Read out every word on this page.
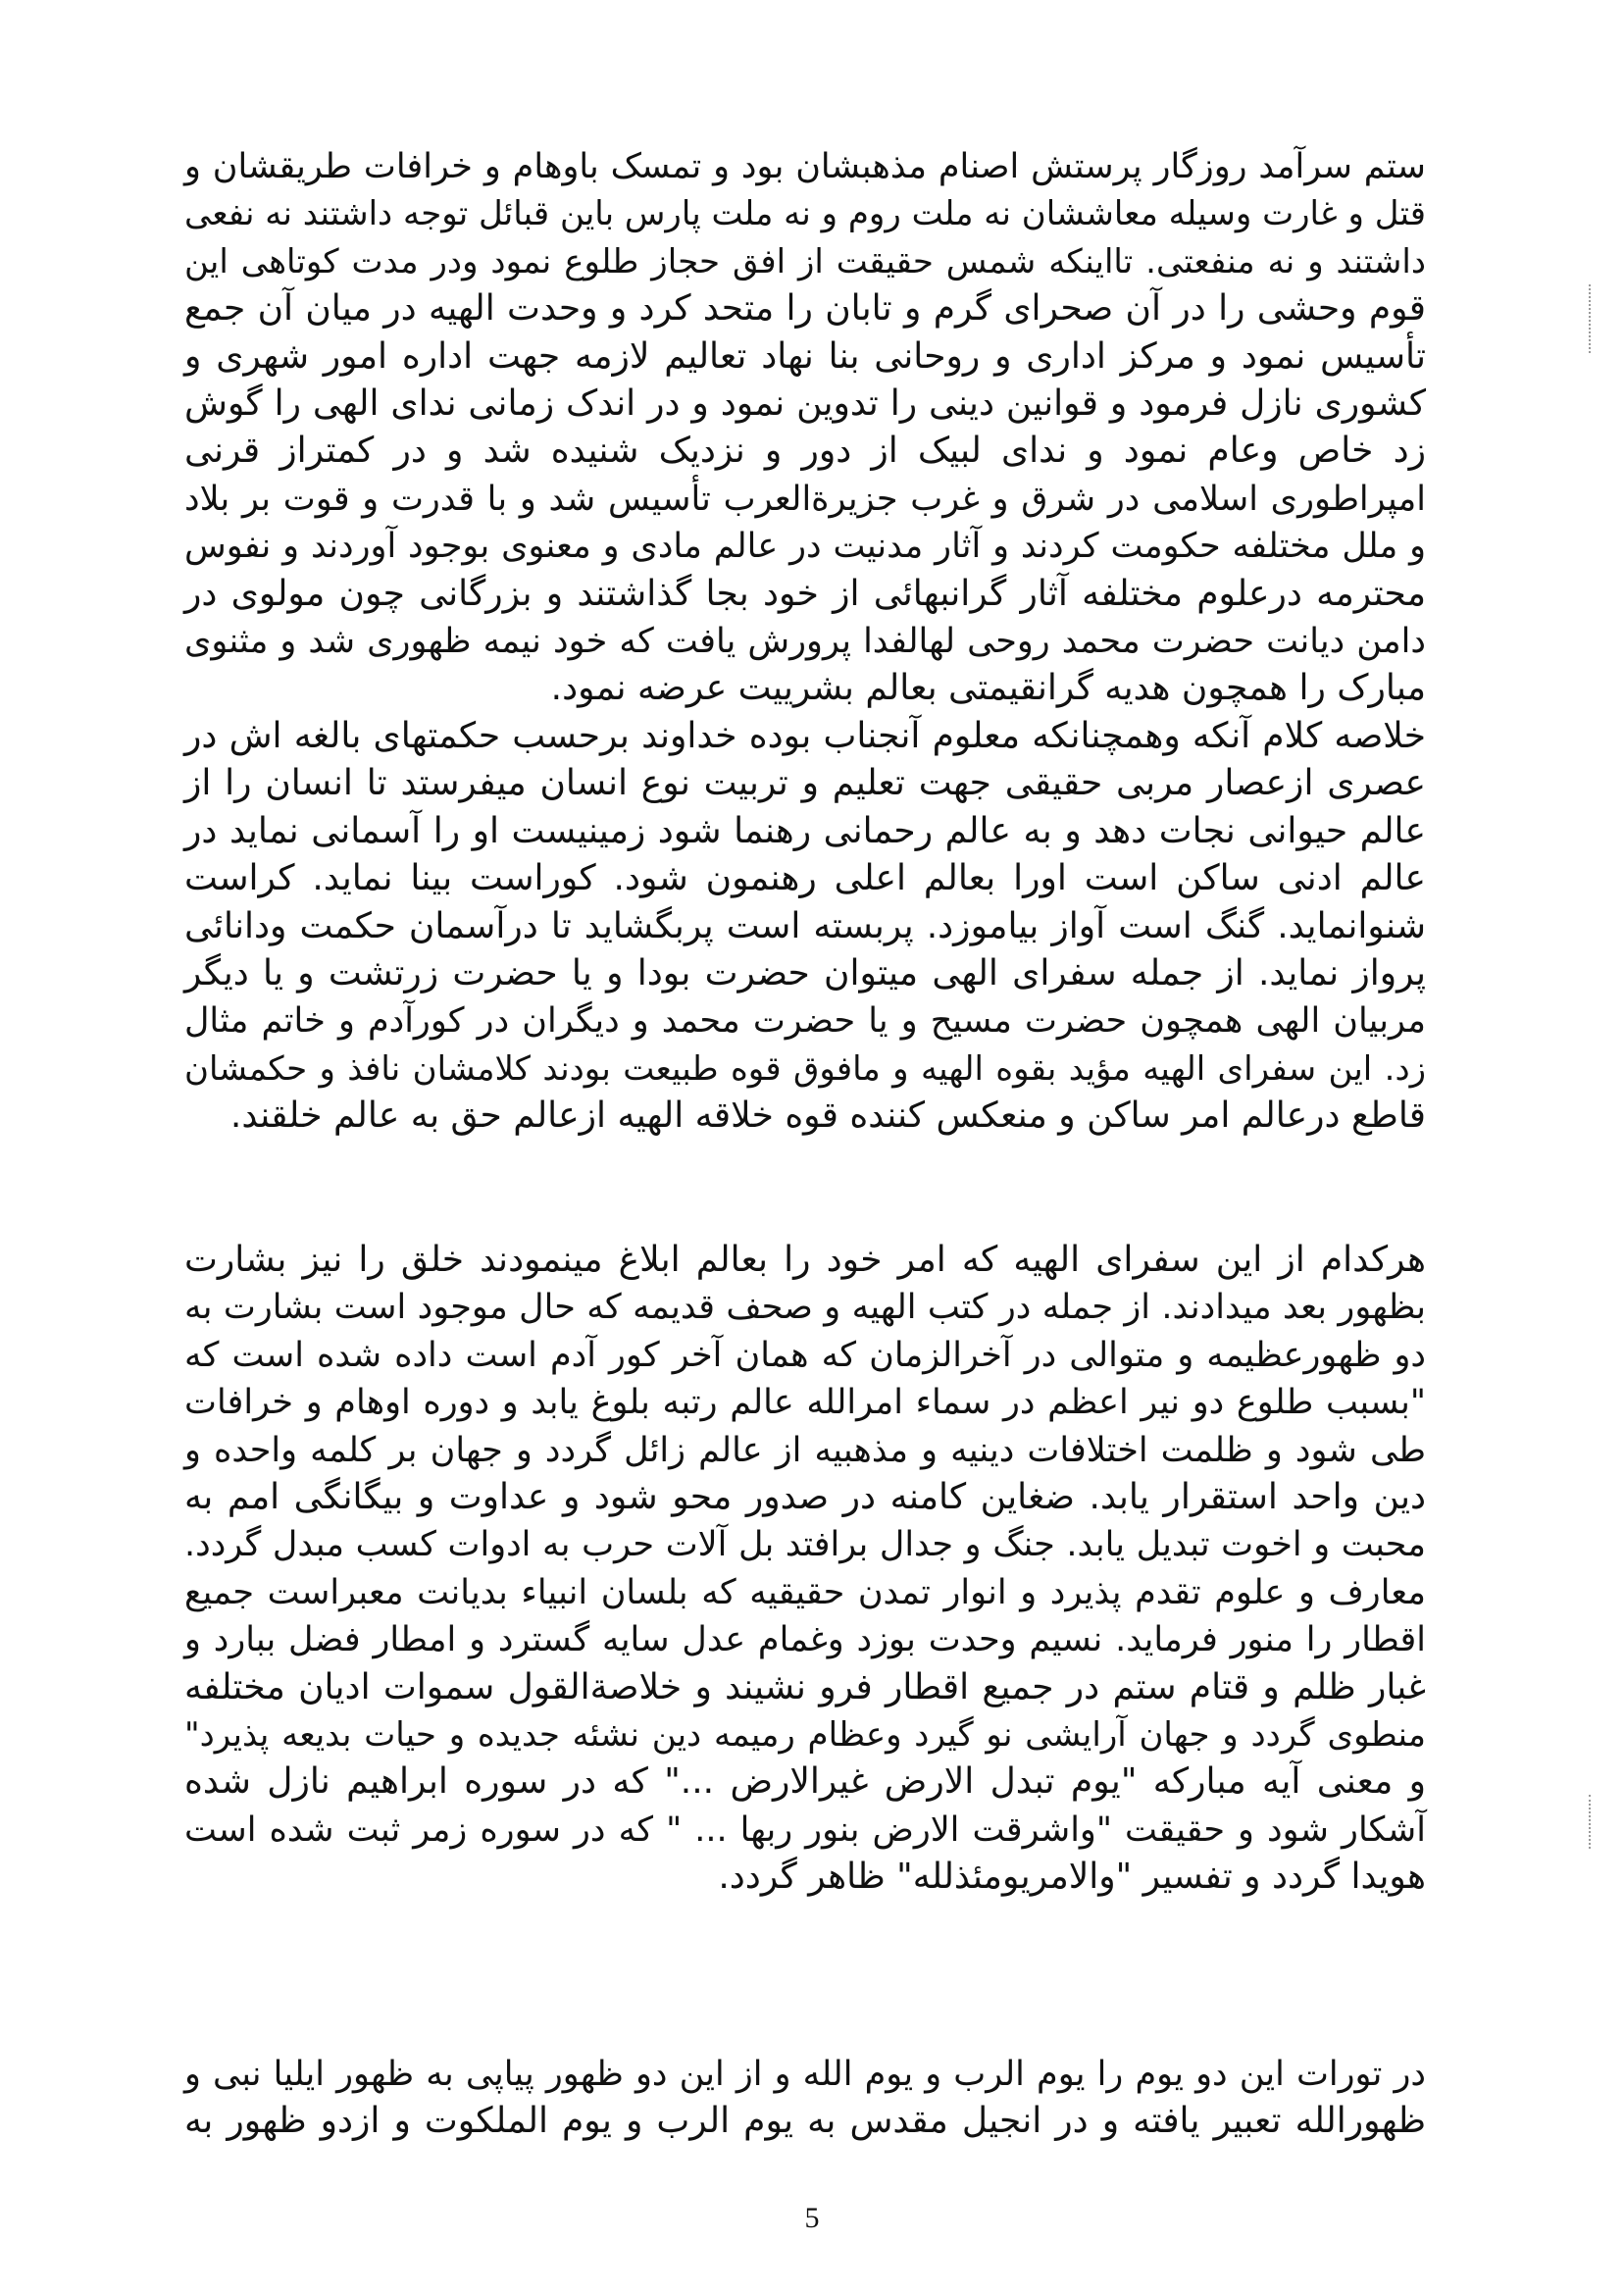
ستم سرآمد روزگار پرستش اصنام مذهبشان بود و تمسک باوهام و خرافات طریقشان و
قتل و غارت وسیله معاششان نه ملت روم و نه ملت پارس باین قبائل توجه داشتند نه نفعی
داشتند و نه منفعتی. تااینکه شمس حقیقت از افق حجاز طلوع نمود ودر مدت کوتاهی این
قوم وحشی را در آن صحرای گرم و تابان را متحد کرد و وحدت الهیه در میان آن جمع
تأسیس نمود و مرکز اداری و روحانی بنا نهاد تعالیم لازمه جهت اداره امور شهری و
کشوری نازل فرمود و قوانین دینی را تدوین نمود و در اندک زمانی ندای الهی را گوش
زد خاص وعام نمود و ندای لبیک از دور و نزدیک شنیده شد و در کمتراز قرنی
امپراطوری اسلامی در شرق و غرب جزیرةالعرب تأسیس شد و با قدرت و قوت بر بلاد
و ملل مختلفه حکومت کردند و آثار مدنیت در عالم مادی و معنوی بوجود آوردند و نفوس
محترمه درعلوم مختلفه آثار گرانبهائی از خود بجا گذاشتند و بزرگانی چون مولوی در
دامن دیانت حضرت محمد روحی لهالفدا پرورش یافت که خود نیمه ظهوری شد و مثنوی
مبارک را همچون هدیه گرانقیمتی بعالم بشرییت عرضه نمود.
خلاصه کلام آنکه وهمچنانکه معلوم آنجناب بوده خداوند برحسب حکمتهای بالغه اش در
عصری ازعصار مربی حقیقی جهت تعلیم و تربیت نوع انسان میفرستد تا انسان را از
عالم حیوانی نجات دهد و به عالم رحمانی رهنما شود زمینیست او را آسمانی نماید در
عالم ادنی ساکن است اورا بعالم اعلی رهنمون شود. کوراست بینا نماید. کراست
شنوانماید. گنگ است آواز بیاموزد. پربسته است پربگشاید تا درآسمان حکمت ودانائی
پرواز نماید. از جمله سفرای الهی میتوان حضرت بودا و یا حضرت زرتشت و یا دیگر
مربیان الهی همچون حضرت مسیح و یا حضرت محمد و دیگران در کورآدم و خاتم مثال
زد. این سفرای الهیه مؤید بقوه الهیه و مافوق قوه طبیعت بودند کلامشان نافذ و حکمشان
قاطع درعالم امر ساکن و منعکس کننده قوه خلاقه الهیه ازعالم حق به عالم خلقند.
هرکدام از این سفرای الهیه که امر خود را بعالم ابلاغ مینمودند خلق را نیز بشارت
بظهور بعد میدادند. از جمله در کتب الهیه و صحف قدیمه که حال موجود است بشارت به
دو ظهورعظیمه و متوالی در آخرالزمان که همان آخر کور آدم است داده شده است که
"بسبب طلوع دو نیر اعظم در سماء امرالله عالم رتبه بلوغ یابد و دوره اوهام و خرافات
طی شود و ظلمت اختلافات دینیه و مذهبیه از عالم زائل گردد و جهان بر کلمه واحده و
دین واحد استقرار یابد. ضغاین کامنه در صدور محو شود و عداوت و بیگانگی امم به
محبت و اخوت تبدیل یابد. جنگ و جدال برافتد بل آلات حرب به ادوات کسب مبدل گردد.
معارف و علوم تقدم پذیرد و انوار تمدن حقیقیه که بلسان انبیاء بدیانت معبراست جمیع
اقطار را منور فرماید. نسیم وحدت بوزد وغمام عدل سایه گسترد و امطار فضل ببارد و
غبار ظلم و قتام ستم در جمیع اقطار فرو نشیند و خلاصةالقول سموات ادیان مختلفه
منطوی گردد و جهان آرایشی نو گیرد وعظام رمیمه دین نشئه جدیده و حیات بدیعه پذیرد"
و معنی آیه مبارکه "یوم تبدل الارض غیرالارض ..." که در سوره ابراهیم نازل شده
آشکار شود و حقیقت "واشرقت الارض بنور ربها ... " که در سوره زمر ثبت شده است
هویدا گردد و تفسیر "والامریومئذلله" ظاهر گردد.
در تورات این دو یوم را یوم الرب و یوم الله و از این دو ظهور پیاپی به ظهور ایلیا نبی و
ظهورالله تعبیر یافته و در انجیل مقدس به یوم الرب و یوم الملکوت و ازدو ظهور به
5
